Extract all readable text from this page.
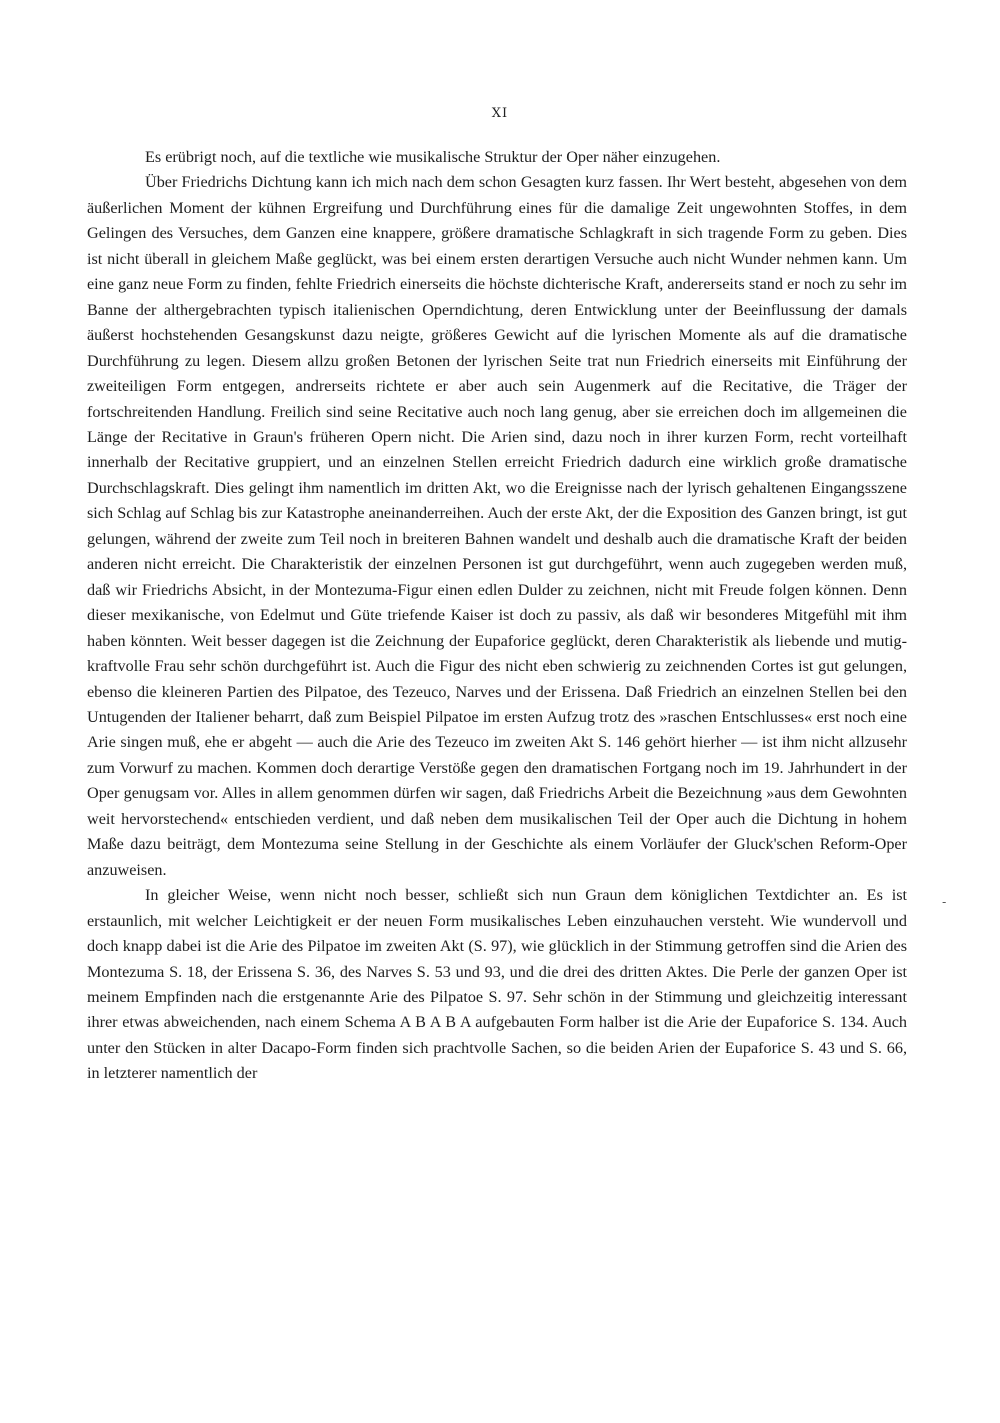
XI

Es erübrigt noch, auf die textliche wie musikalische Struktur der Oper näher einzugehen.

Über Friedrichs Dichtung kann ich mich nach dem schon Gesagten kurz fassen. Ihr Wert besteht, abgesehen von dem äußerlichen Moment der kühnen Ergreifung und Durchführung eines für die damalige Zeit ungewohnten Stoffes, in dem Gelingen des Versuches, dem Ganzen eine knappere, größere dramatische Schlagkraft in sich tragende Form zu geben. Dies ist nicht überall in gleichem Maße geglückt, was bei einem ersten derartigen Versuche auch nicht Wunder nehmen kann. Um eine ganz neue Form zu finden, fehlte Friedrich einerseits die höchste dichterische Kraft, andererseits stand er noch zu sehr im Banne der althergebrachten typisch italienischen Operndichtung, deren Entwicklung unter der Beeinflussung der damals äußerst hochstehenden Gesangskunst dazu neigte, größeres Gewicht auf die lyrischen Momente als auf die dramatische Durchführung zu legen. Diesem allzu großen Betonen der lyrischen Seite trat nun Friedrich einerseits mit Einführung der zweiteiligen Form entgegen, andrerseits richtete er aber auch sein Augenmerk auf die Recitative, die Träger der fortschreitenden Handlung. Freilich sind seine Recitative auch noch lang genug, aber sie erreichen doch im allgemeinen die Länge der Recitative in Graun's früheren Opern nicht. Die Arien sind, dazu noch in ihrer kurzen Form, recht vorteilhaft innerhalb der Recitative gruppiert, und an einzelnen Stellen erreicht Friedrich dadurch eine wirklich große dramatische Durchschlagskraft. Dies gelingt ihm namentlich im dritten Akt, wo die Ereignisse nach der lyrisch gehaltenen Eingangsszene sich Schlag auf Schlag bis zur Katastrophe aneinanderreihen. Auch der erste Akt, der die Exposition des Ganzen bringt, ist gut gelungen, während der zweite zum Teil noch in breiteren Bahnen wandelt und deshalb auch die dramatische Kraft der beiden anderen nicht erreicht. Die Charakteristik der einzelnen Personen ist gut durchgeführt, wenn auch zugegeben werden muß, daß wir Friedrichs Absicht, in der Montezuma-Figur einen edlen Dulder zu zeichnen, nicht mit Freude folgen können. Denn dieser mexikanische, von Edelmut und Güte triefende Kaiser ist doch zu passiv, als daß wir besonderes Mitgefühl mit ihm haben könnten. Weit besser dagegen ist die Zeichnung der Eupaforice geglückt, deren Charakteristik als liebende und mutig- kraftvolle Frau sehr schön durchgeführt ist. Auch die Figur des nicht eben schwierig zu zeichnenden Cortes ist gut gelungen, ebenso die kleineren Partien des Pilpatoe, des Tezeuco, Narves und der Erissena. Daß Friedrich an einzelnen Stellen bei den Untugenden der Italiener beharrt, daß zum Beispiel Pilpatoe im ersten Aufzug trotz des »raschen Entschlusses« erst noch eine Arie singen muß, ehe er abgeht — auch die Arie des Tezeuco im zweiten Akt S. 146 gehört hierher — ist ihm nicht allzusehr zum Vorwurf zu machen. Kommen doch derartige Verstöße gegen den dramatischen Fortgang noch im 19. Jahrhundert in der Oper genugsam vor. Alles in allem genommen dürfen wir sagen, daß Friedrichs Arbeit die Bezeichnung »aus dem Gewohnten weit hervorstechend« entschieden verdient, und daß neben dem musikalischen Teil der Oper auch die Dichtung in hohem Maße dazu beiträgt, dem Montezuma seine Stellung in der Geschichte als einem Vorläufer der Gluck'schen Reform-Oper anzuweisen.

In gleicher Weise, wenn nicht noch besser, schließt sich nun Graun dem königlichen Textdichter an. Es ist erstaunlich, mit welcher Leichtigkeit er der neuen Form musikalisches Leben einzuhauchen versteht. Wie wundervoll und doch knapp dabei ist die Arie des Pilpatoe im zweiten Akt (S. 97), wie glücklich in der Stimmung getroffen sind die Arien des Montezuma S. 18, der Erissena S. 36, des Narves S. 53 und 93, und die drei des dritten Aktes. Die Perle der ganzen Oper ist meinem Empfinden nach die erstgenannte Arie des Pilpatoe S. 97. Sehr schön in der Stimmung und gleichzeitig interessant ihrer etwas abweichenden, nach einem Schema A B A B A aufgebauten Form halber ist die Arie der Eupaforice S. 134. Auch unter den Stücken in alter Dacapo-Form finden sich prachtvolle Sachen, so die beiden Arien der Eupaforice S. 43 und S. 66, in letzterer namentlich der

-
